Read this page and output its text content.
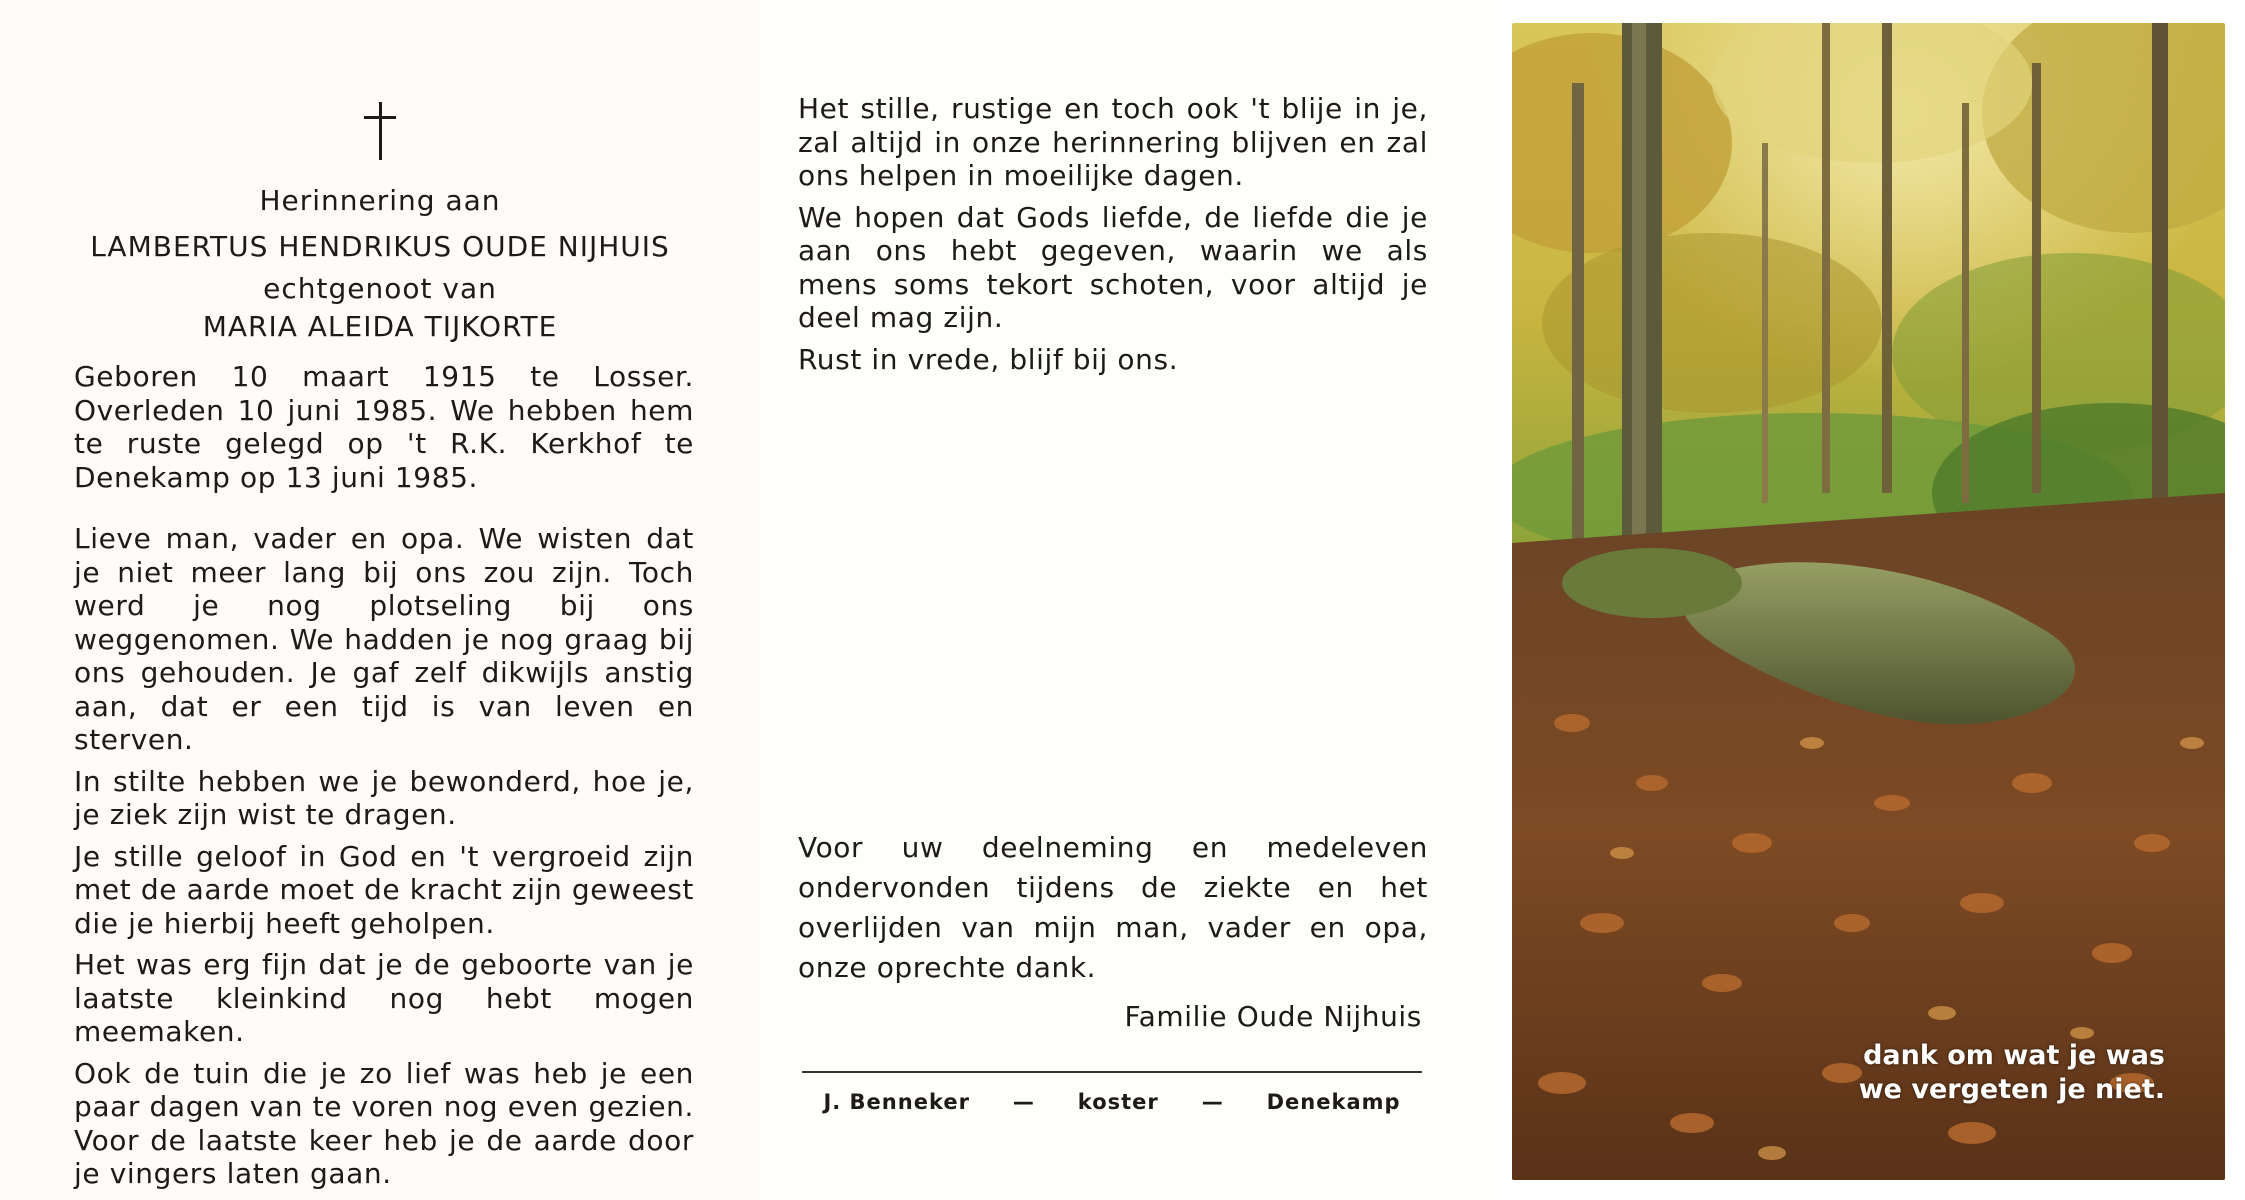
Herinnering aan
LAMBERTUS HENDRIKUS OUDE NIJHUIS
echtgenoot van
MARIA ALEIDA TIJKORTE

Geboren 10 maart 1915 te Losser. Overleden 10 juni 1985. We hebben hem te ruste gelegd op 't R.K. Kerkhof te Denekamp op 13 juni 1985.

Lieve man, vader en opa. We wisten dat je niet meer lang bij ons zou zijn. Toch werd je nog plotseling bij ons weggenomen. We hadden je nog graag bij ons gehouden. Je gaf zelf dikwijls anstig aan, dat er een tijd is van leven en sterven.

In stilte hebben we je bewonderd, hoe je, je ziek zijn wist te dragen.

Je stille geloof in God en 't vergroeid zijn met de aarde moet de kracht zijn geweest die je hierbij heeft geholpen.

Het was erg fijn dat je de geboorte van je laatste kleinkind nog hebt mogen meemaken.

Ook de tuin die je zo lief was heb je een paar dagen van te voren nog even gezien. Voor de laatste keer heb je de aarde door je vingers laten gaan.

Het stille, rustige en toch ook 't blije in je, zal altijd in onze herinnering blijven en zal ons helpen in moeilijke dagen.

We hopen dat Gods liefde, de liefde die je aan ons hebt gegeven, waarin we als mens soms tekort schoten, voor altijd je deel mag zijn.

Rust in vrede, blijf bij ons.

Voor uw deelneming en medeleven ondervonden tijdens de ziekte en het overlijden van mijn man, vader en opa, onze oprechte dank.
Familie Oude Nijhuis
J. Benneker — koster — Denekamp
dank om wat je was
we vergeten je niet.
